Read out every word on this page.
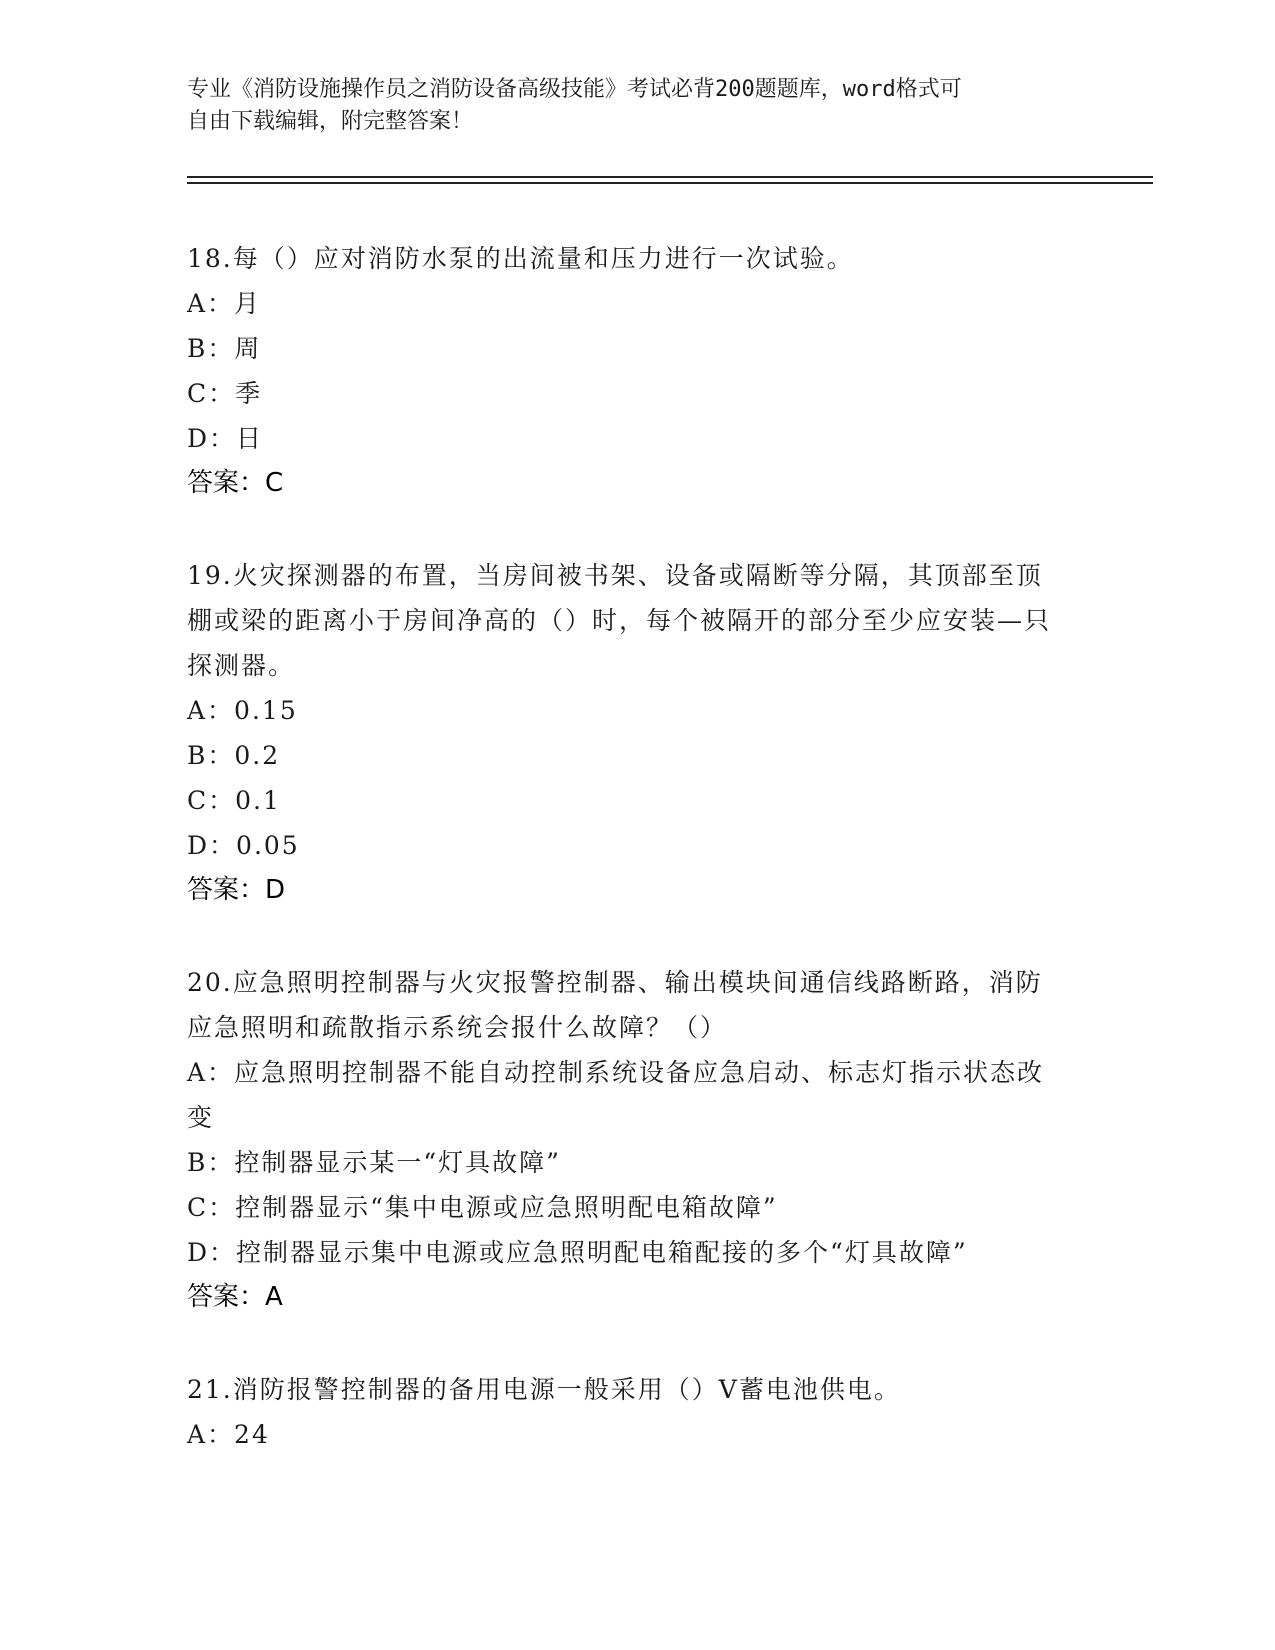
专业《消防设施操作员之消防设备高级技能》考试必背200题题库，word格式可
自由下载编辑，附完整答案！
18.每（）应对消防水泵的出流量和压力进行一次试验。
A：月
B：周
C：季
D：日
答案：C
19.火灾探测器的布置，当房间被书架、设备或隔断等分隔，其顶部至顶棚或梁的距离小于房间净高的（）时，每个被隔开的部分至少应安装—只探测器。
A：0.15
B：0.2
C：0.1
D：0.05
答案：D
20.应急照明控制器与火灾报警控制器、输出模块间通信线路断路，消防应急照明和疏散指示系统会报什么故障？（）
A：应急照明控制器不能自动控制系统设备应急启动、标志灯指示状态改变
B：控制器显示某一“灯具故障”
C：控制器显示“集中电源或应急照明配电箱故障”
D：控制器显示集中电源或应急照明配电箱配接的多个“灯具故障”
答案：A
21.消防报警控制器的备用电源一般采用（）V蓄电池供电。
A：24
